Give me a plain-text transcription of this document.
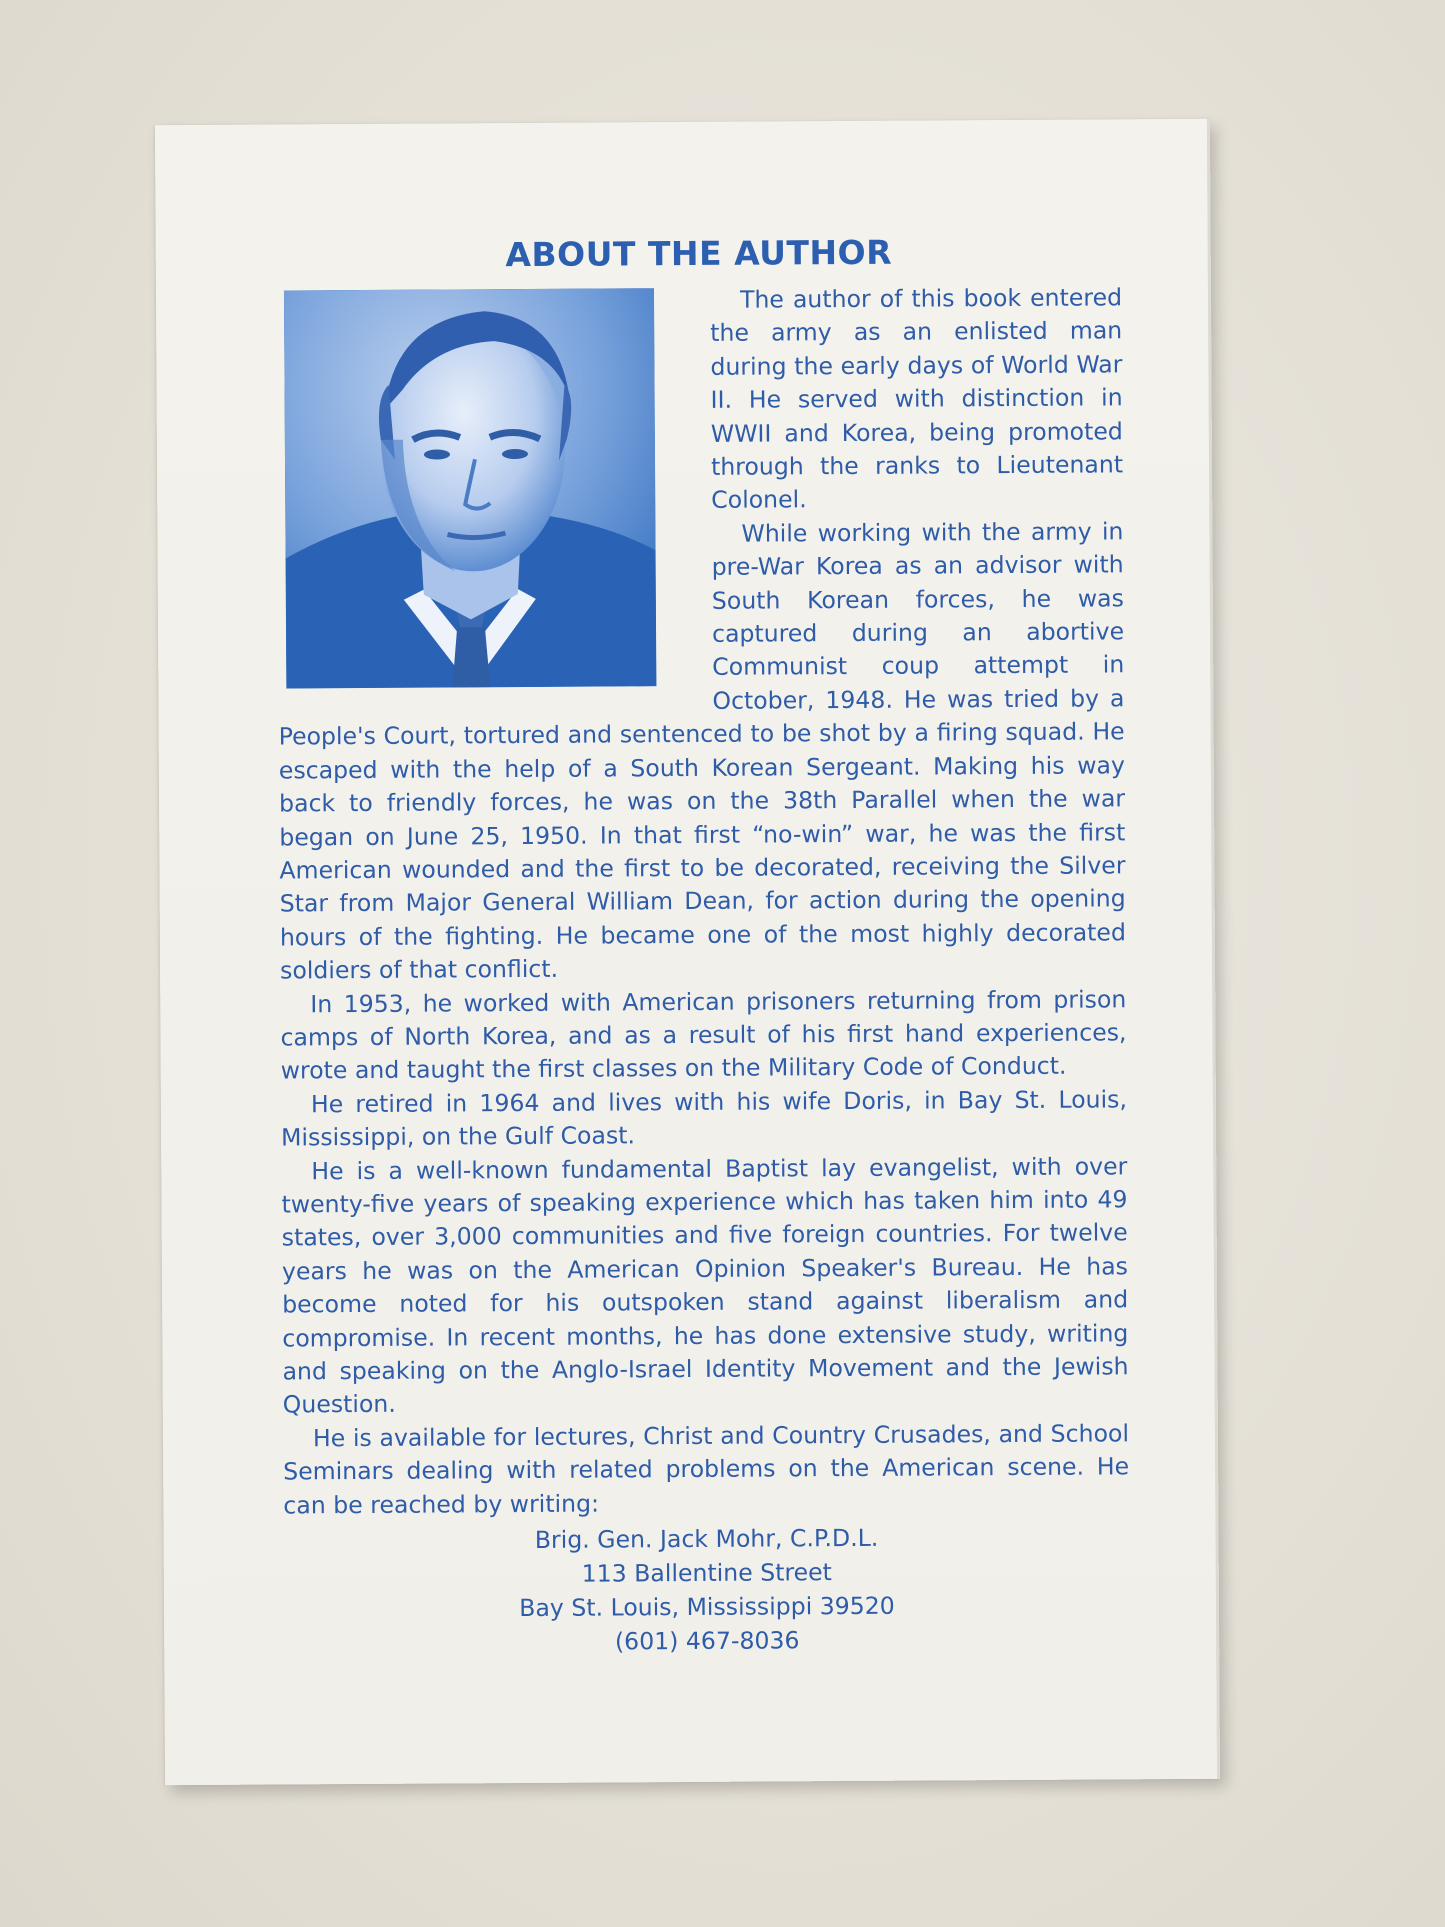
ABOUT THE AUTHOR

The author of this book entered the army as an enlisted man during the early days of World War II. He served with distinction in WWII and Korea, being promoted through the ranks to Lieutenant Colonel.

While working with the army in pre-War Korea as an advisor with South Korean forces, he was captured during an abortive Communist coup attempt in October, 1948. He was tried by a People's Court, tortured and sentenced to be shot by a firing squad. He escaped with the help of a South Korean Sergeant. Making his way back to friendly forces, he was on the 38th Parallel when the war began on June 25, 1950. In that first “no-win” war, he was the first American wounded and the first to be decorated, receiving the Silver Star from Major General William Dean, for action during the opening hours of the fighting. He became one of the most highly decorated soldiers of that conflict.

In 1953, he worked with American prisoners returning from prison camps of North Korea, and as a result of his first hand experiences, wrote and taught the first classes on the Military Code of Conduct.

He retired in 1964 and lives with his wife Doris, in Bay St. Louis, Mississippi, on the Gulf Coast.

He is a well-known fundamental Baptist lay evangelist, with over twenty-five years of speaking experience which has taken him into 49 states, over 3,000 communities and five foreign countries. For twelve years he was on the American Opinion Speaker's Bureau. He has become noted for his outspoken stand against liberalism and compromise. In recent months, he has done extensive study, writing and speaking on the Anglo-Israel Identity Movement and the Jewish Question.

He is available for lectures, Christ and Country Crusades, and School Seminars dealing with related problems on the American scene. He can be reached by writing:

Brig. Gen. Jack Mohr, C.P.D.L.
113 Ballentine Street
Bay St. Louis, Mississippi 39520
(601) 467-8036
